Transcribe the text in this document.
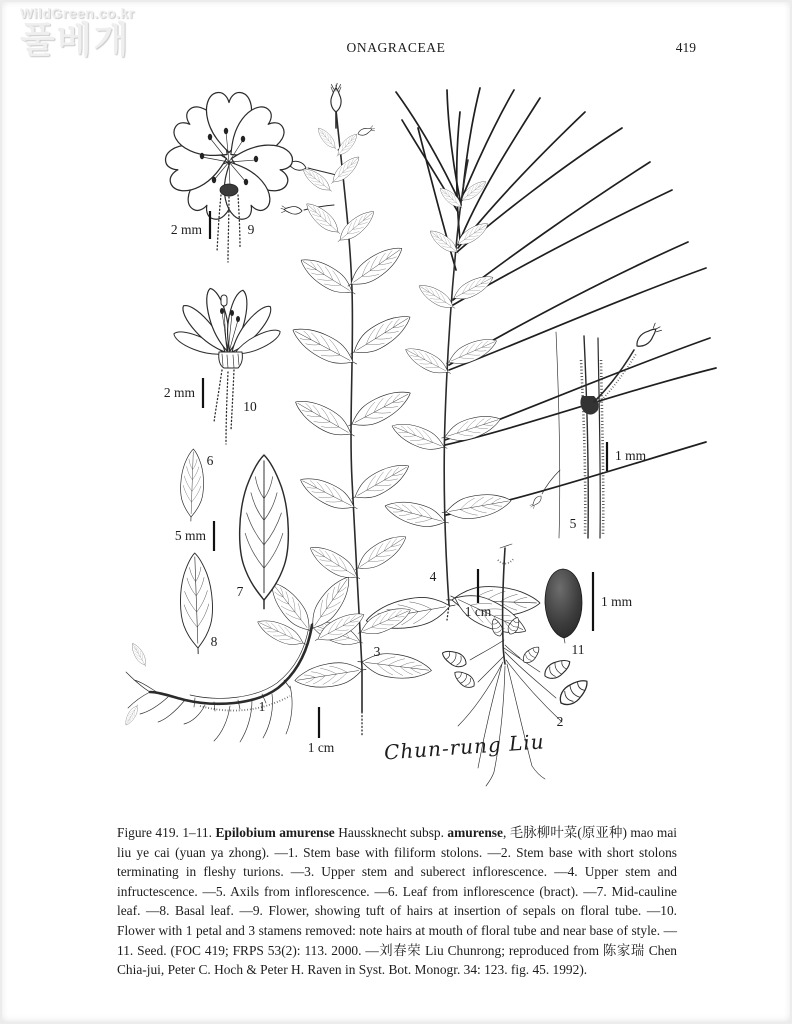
WildGreen.co.kr
풀베개	ONAGRACEAE	419
2 mm
2 mm
5 mm
1 cm
1 cm
1 mm
1 mm
1
2
3
4
5
6
7
8
9
10
11
Chun-rung Liu

Figure 419. 1–11. Epilobium amurense Haussknecht subsp. amurense, 毛脉柳叶菜(原亚种) mao mai liu ye cai (yuan ya zhong). —1. Stem base with filiform stolons. —2. Stem base with short stolons terminating in fleshy turions. —3. Upper stem and suberect inflorescence. —4. Upper stem and infructescence. —5. Axils from inflorescence. —6. Leaf from inflorescence (bract). —7. Mid-cauline leaf. —8. Basal leaf. —9. Flower, showing tuft of hairs at insertion of sepals on floral tube. —10. Flower with 1 petal and 3 stamens removed: note hairs at mouth of floral tube and near base of style. —11. Seed. (FOC 419; FRPS 53(2): 113. 2000. —刘春荣 Liu Chunrong; reproduced from 陈家瑞 Chen Chia-jui, Peter C. Hoch & Peter H. Raven in Syst. Bot. Monogr. 34: 123. fig. 45. 1992).
